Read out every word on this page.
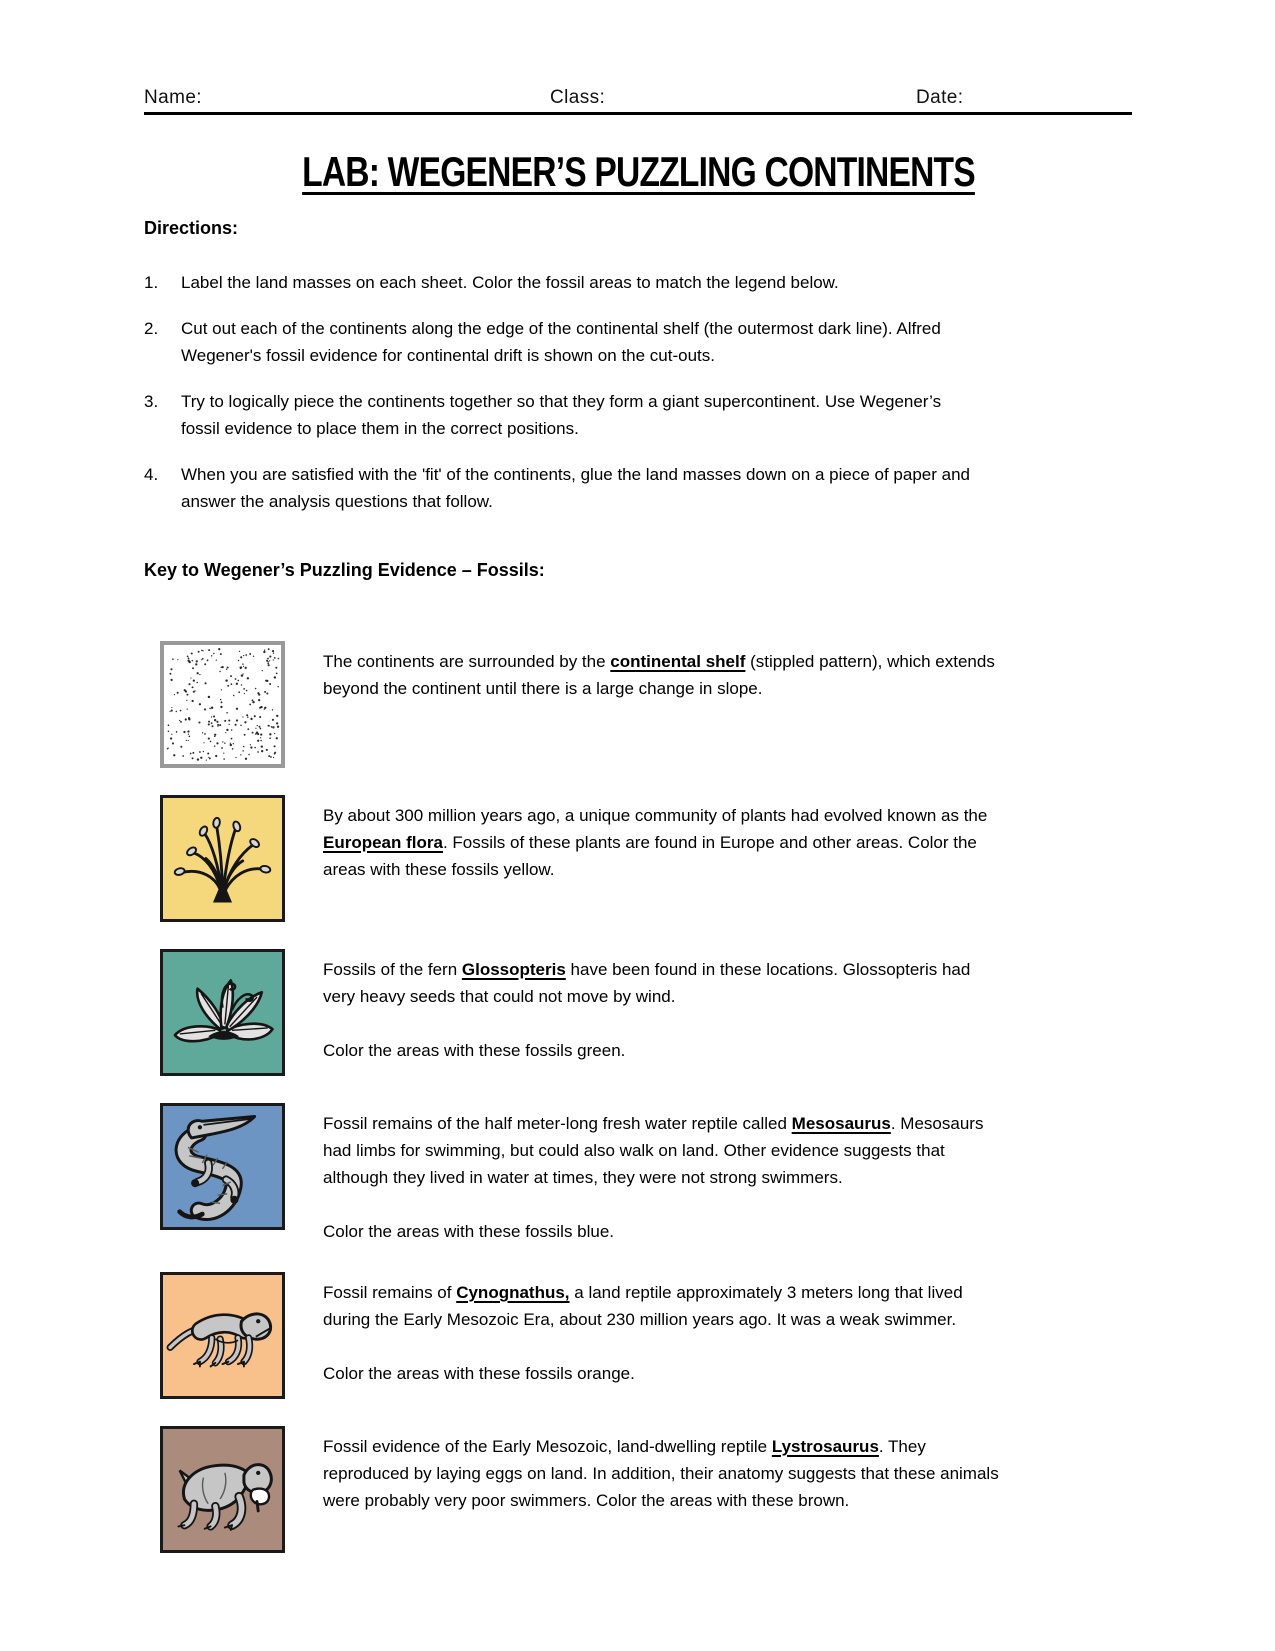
Name:	Class:	Date:
LAB: WEGENER’S PUZZLING CONTINENTS

Directions:

1.	Label the land masses on each sheet. Color the fossil areas to match the legend below.
2.	Cut out each of the continents along the edge of the continental shelf (the outermost dark line). Alfred Wegener's fossil evidence for continental drift is shown on the cut-outs.
3.	Try to logically piece the continents together so that they form a giant supercontinent. Use Wegener’s fossil evidence to place them in the correct positions.
4.	When you are satisfied with the 'fit' of the continents, glue the land masses down on a piece of paper and answer the analysis questions that follow.

Key to Wegener’s Puzzling Evidence – Fossils:

The continents are surrounded by the continental shelf (stippled pattern), which extends beyond the continent until there is a large change in slope.

By about 300 million years ago, a unique community of plants had evolved known as the European flora. Fossils of these plants are found in Europe and other areas. Color the areas with these fossils yellow.

Fossils of the fern Glossopteris have been found in these locations. Glossopteris had very heavy seeds that could not move by wind.

Color the areas with these fossils green.

Fossil remains of the half meter-long fresh water reptile called Mesosaurus. Mesosaurs had limbs for swimming, but could also walk on land. Other evidence suggests that although they lived in water at times, they were not strong swimmers.

Color the areas with these fossils blue.

Fossil remains of Cynognathus, a land reptile approximately 3 meters long that lived during the Early Mesozoic Era, about 230 million years ago. It was a weak swimmer.

Color the areas with these fossils orange.

Fossil evidence of the Early Mesozoic, land-dwelling reptile Lystrosaurus. They reproduced by laying eggs on land. In addition, their anatomy suggests that these animals were probably very poor swimmers. Color the areas with these brown.
